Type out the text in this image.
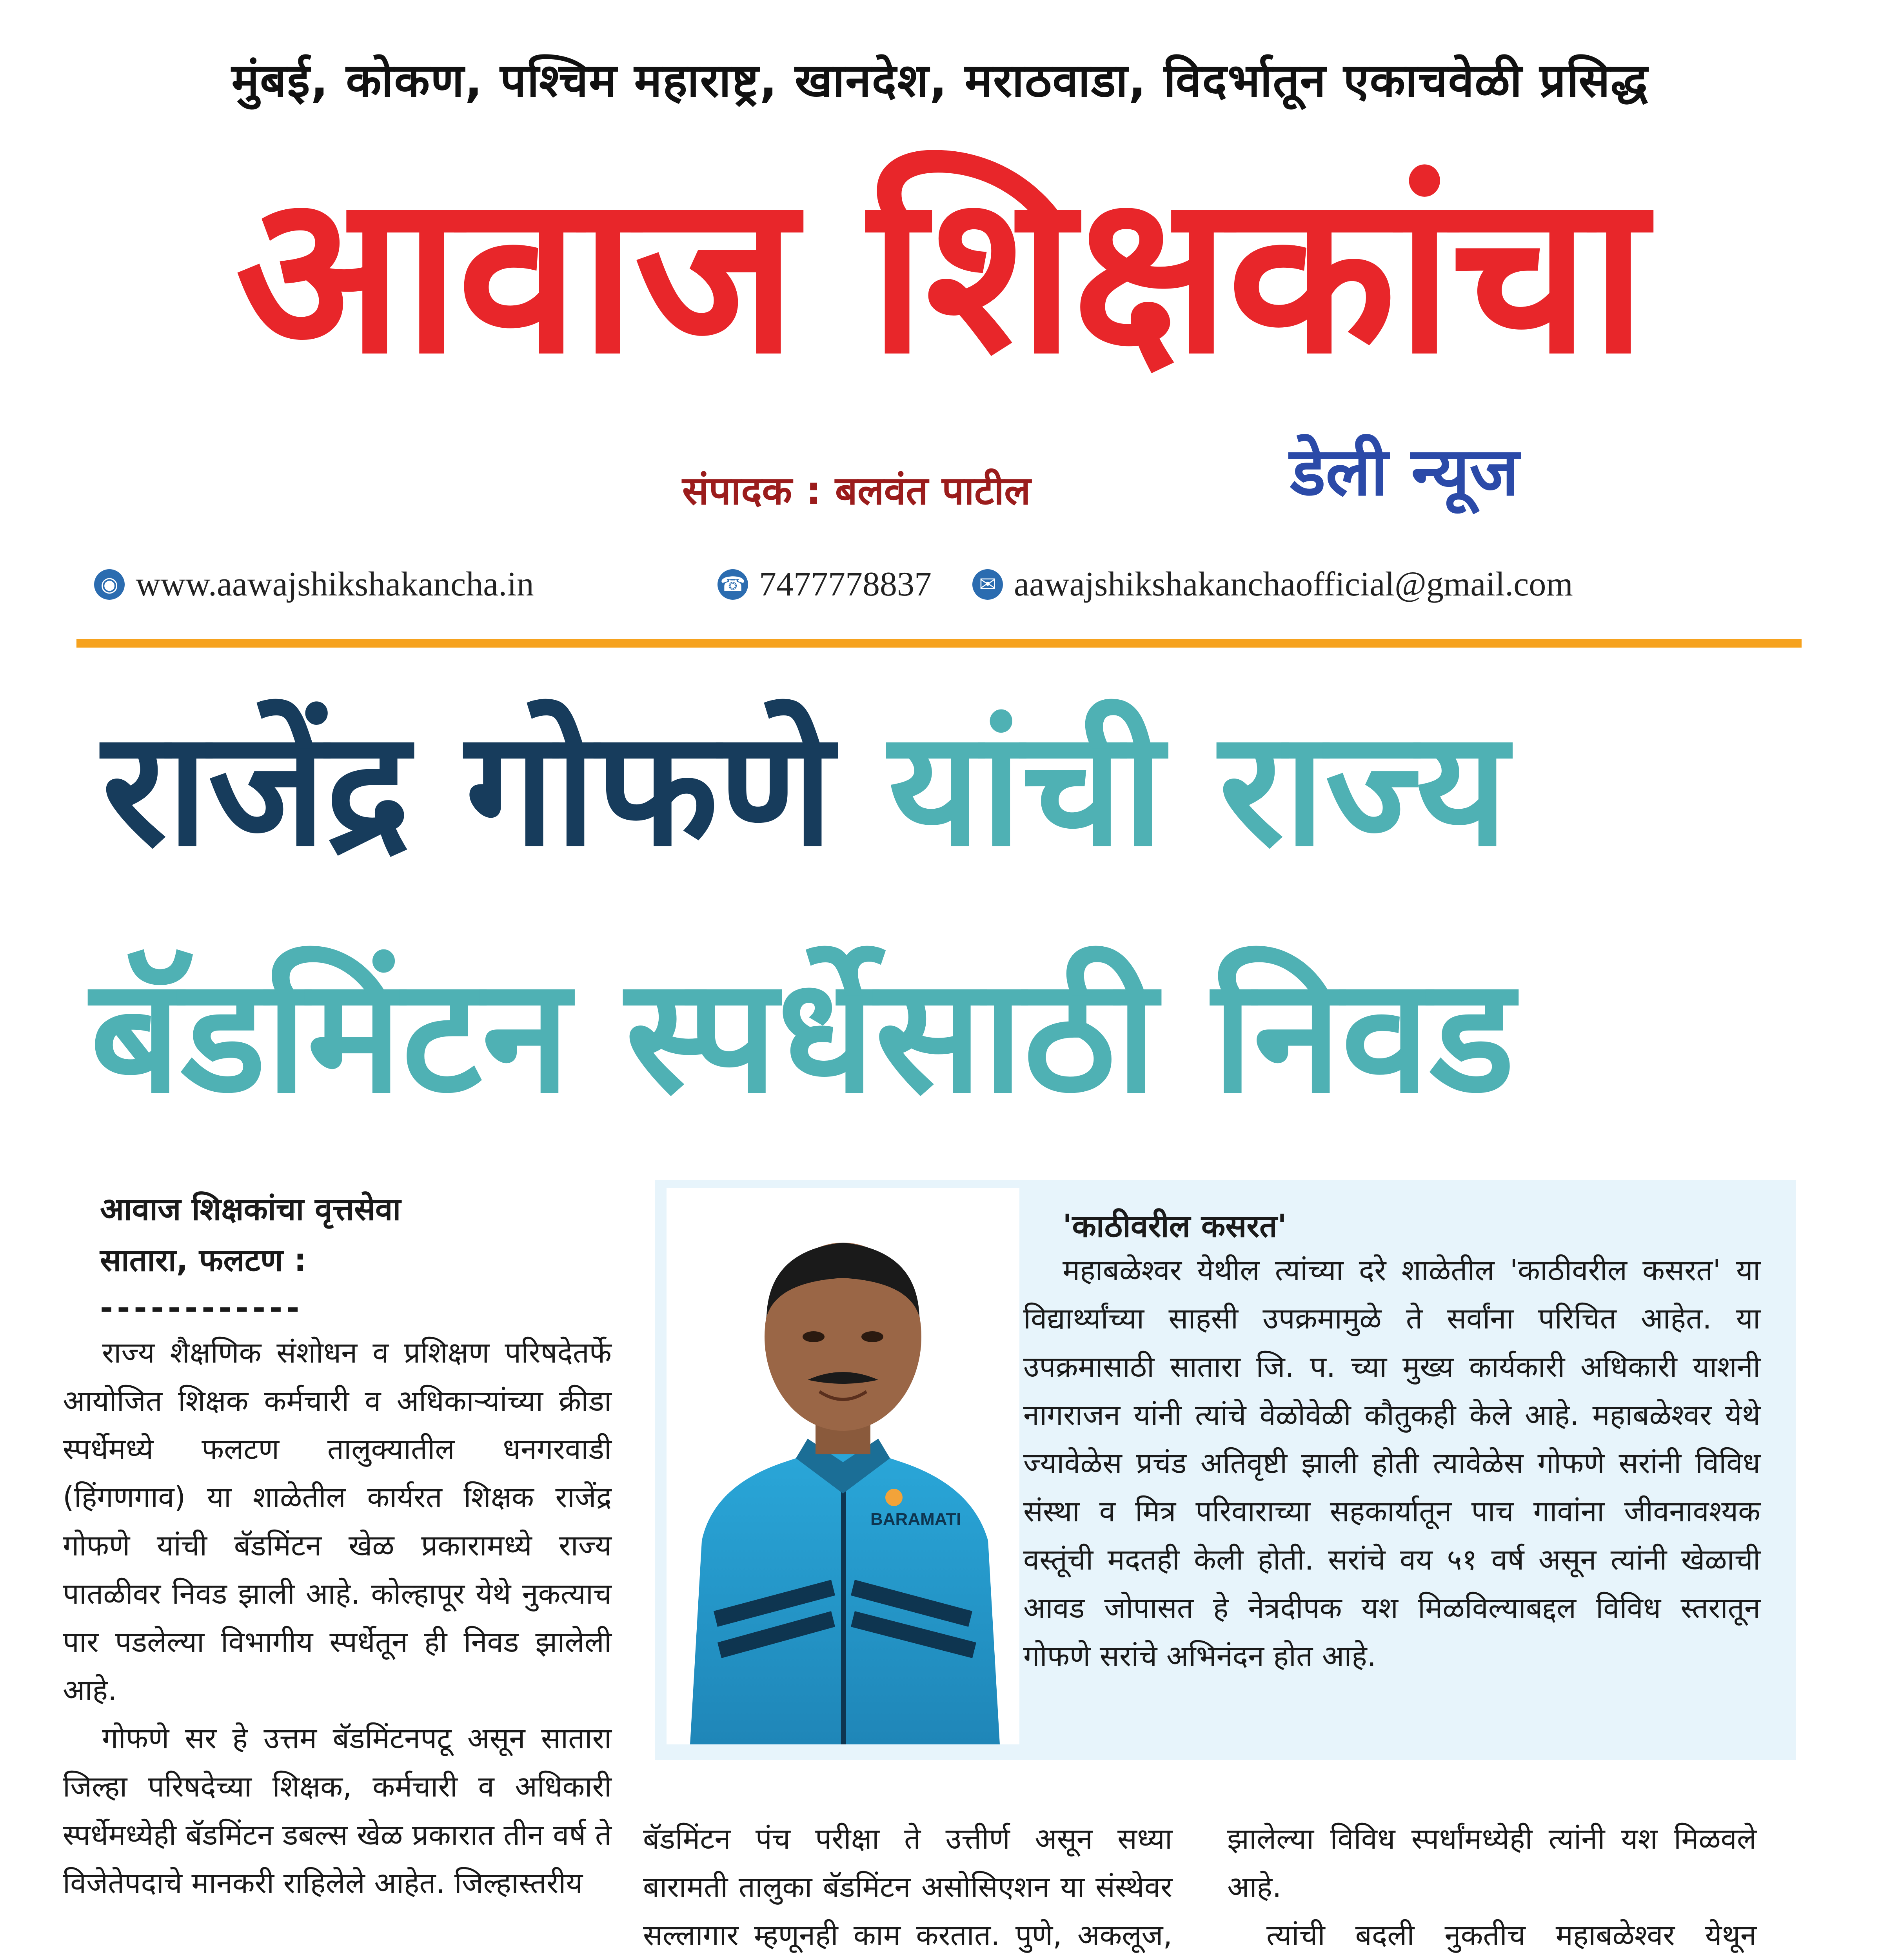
मुंबई, कोकण, पश्चिम महाराष्ट्र, खानदेश, मराठवाडा, विदर्भातून एकाचवेळी प्रसिद्ध
आवाज शिक्षकांचा
डेली न्यूज
संपादक : बलवंत पाटील
◉ www.aawajshikshakancha.in	☎ 7477778837	✉ aawajshikshakanchaofficial@gmail.com
राजेंद्र गोफणे यांची राज्य
बॅडमिंटन स्पर्धेसाठी निवड
आवाज शिक्षकांचा वृत्तसेवा
सातारा, फलटण :
------------

राज्य शैक्षणिक संशोधन व प्रशिक्षण परिषदेतर्फे आयोजित शिक्षक कर्मचारी व अधिकाऱ्यांच्या क्रीडा स्पर्धेमध्ये फलटण तालुक्यातील धनगरवाडी (हिंगणगाव) या शाळेतील कार्यरत शिक्षक राजेंद्र गोफणे यांची बॅडमिंटन खेळ प्रकारामध्ये राज्य पातळीवर निवड झाली आहे. कोल्हापूर येथे नुकत्याच पार पडलेल्या विभागीय स्पर्धेतून ही निवड झालेली आहे.

गोफणे सर हे उत्तम बॅडमिंटनपटू असून सातारा जिल्हा परिषदेच्या शिक्षक, कर्मचारी व अधिकारी स्पर्धेमध्येही बॅडमिंटन डबल्स खेळ प्रकारात तीन वर्ष ते विजेतेपदाचे मानकरी राहिलेले आहेत. जिल्हास्तरीय

BARAMATI
'काठीवरील कसरत'

महाबळेश्वर येथील त्यांच्या दरे शाळेतील 'काठीवरील कसरत' या विद्यार्थ्यांच्या साहसी उपक्रमामुळे ते सर्वांना परिचित आहेत. या उपक्रमासाठी सातारा जि. प. च्या मुख्य कार्यकारी अधिकारी याशनी नागराजन यांनी त्यांचे वेळोवेळी कौतुकही केले आहे. महाबळेश्वर येथे ज्यावेळेस प्रचंड अतिवृष्टी झाली होती त्यावेळेस गोफणे सरांनी विविध संस्था व मित्र परिवाराच्या सहकार्यातून पाच गावांना जीवनावश्यक वस्तूंची मदतही केली होती. सरांचे वय ५१ वर्ष असून त्यांनी खेळाची आवड जोपासत हे नेत्रदीपक यश मिळविल्याबद्दल विविध स्तरातून गोफणे सरांचे अभिनंदन होत आहे.

बॅडमिंटन पंच परीक्षा ते उत्तीर्ण असून सध्या बारामती तालुका बॅडमिंटन असोसिएशन या संस्थेवर सल्लागार म्हणूनही काम करतात. पुणे, अकलूज,

झालेल्या विविध स्पर्धांमध्येही त्यांनी यश मिळवले आहे.

त्यांची बदली नुकतीच महाबळेश्वर येथून
